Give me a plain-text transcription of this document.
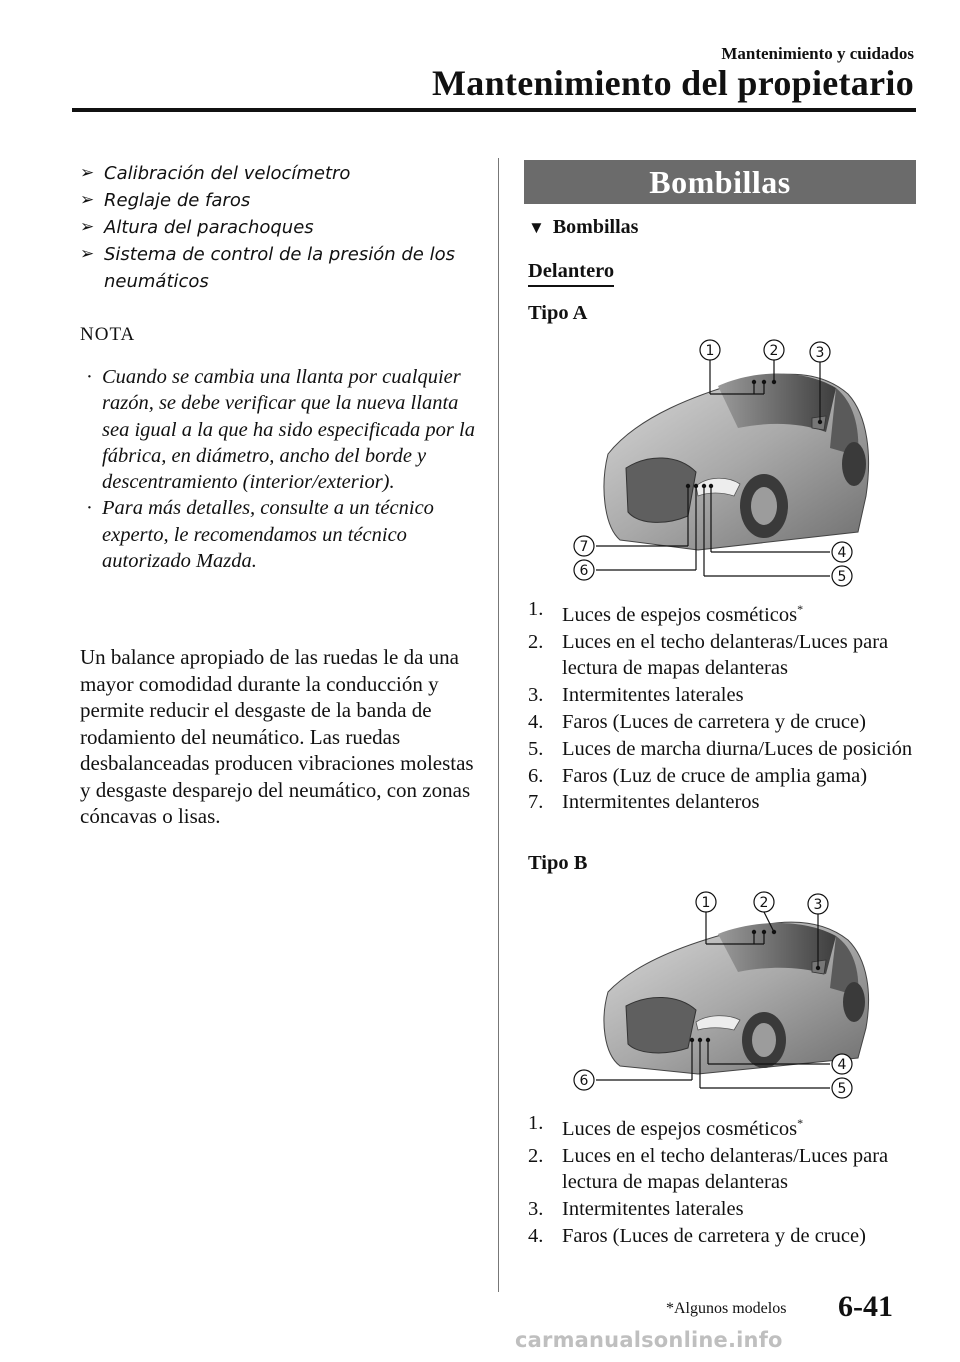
Mantenimiento y cuidados
Mantenimiento del propietario
➢ Calibración del velocímetro
➢ Reglaje de faros
➢ Altura del parachoques
➢ Sistema de control de la presión de los neumáticos
NOTA
· Cuando se cambia una llanta por cualquier razón, se debe verificar que la nueva llanta sea igual a la que ha sido especificada por la fábrica, en diámetro, ancho del borde y descentramiento (interior/exterior).
· Para más detalles, consulte a un técnico experto, le recomendamos un técnico autorizado Mazda.

Un balance apropiado de las ruedas le da una mayor comodidad durante la conducción y permite reducir el desgaste de la banda de rodamiento del neumático. Las ruedas desbalanceadas producen vibraciones molestas y desgaste desparejo del neumático, con zonas cóncavas o lisas.

Bombillas
▼ Bombillas
Delantero
Tipo A
1	2	3
4
5
6
7
1. Luces de espejos cosméticos*
2. Luces en el techo delanteras/Luces para lectura de mapas delanteras
3. Intermitentes laterales
4. Faros (Luces de carretera y de cruce)
5. Luces de marcha diurna/Luces de posición
6. Faros (Luz de cruce de amplia gama)
7. Intermitentes delanteros
Tipo B
1	2	3
4
5
6
1. Luces de espejos cosméticos*
2. Luces en el techo delanteras/Luces para lectura de mapas delanteras
3. Intermitentes laterales
4. Faros (Luces de carretera y de cruce)
*Algunos modelos 6-41
carmanualsonline.info
